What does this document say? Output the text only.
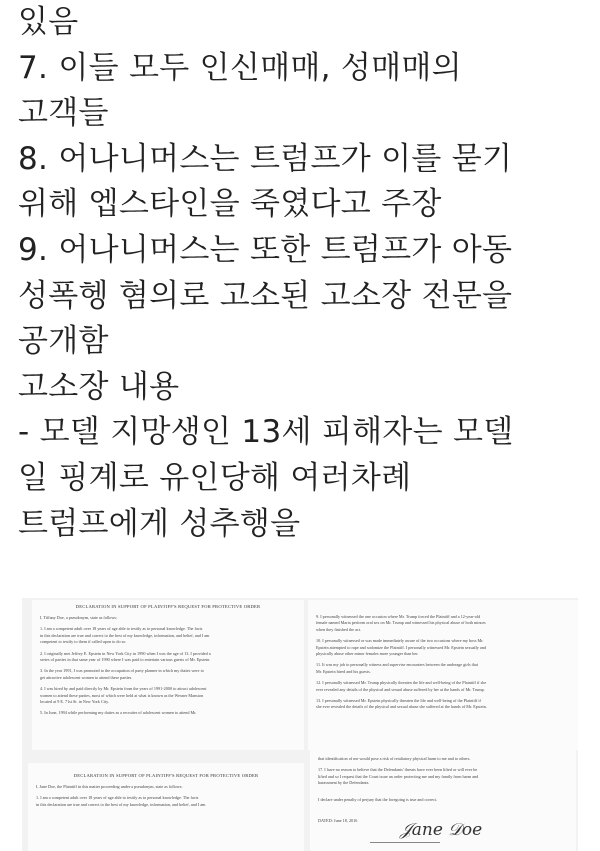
있음
7. 이들 모두 인신매매, 성매매의
고객들
8. 어나니머스는 트럼프가 이를 묻기
위해 엡스타인을 죽였다고 주장
9. 어나니머스는 또한 트럼프가 아동
성폭헹 혐의로 고소된 고소장 전문을
공개함
고소장 내용
- 모델 지망생인 13세 피해자는 모델
일 핑계로 유인당해 여러차례
트럼프에게 성추행을
DECLARATION IN SUPPORT OF PLAINTIFF'S REQUEST FOR PROTECTIVE ORDER
I, Tiffany Doe, a pseudonym, state as follows:
1. I am a competent adult over 18 years of age able to testify as to personal knowledge. The facts
in this declaration are true and correct to the best of my knowledge, information, and belief, and I am
competent to testify to them if called upon to do so.
2. I originally met Jeffrey E. Epstein in New York City in 1990 when I was the age of 13. I provided a
series of parties in that same year of 1990 where I was paid to entertain various guests of Mr. Epstein.
3. In the year 1991, I was promoted to the occupation of party planner in which my duties were to
get attractive adolescent women to attend these parties.
4. I was hired by and paid directly by Mr. Epstein from the years of 1991-2000 to attract adolescent
women to attend these parties, most of which were held at what is known as the Wexner Mansion
located at 9 E. 71st St. in New York City.
5. In June, 1994 while performing my duties as a recruiter of adolescent women to attend Mr.
9. I personally witnessed the one occasion where Mr. Trump forced the Plaintiff and a 12-year-old
female named Maria perform oral sex on Mr. Trump and witnessed his physical abuse of both minors
when they finished the act.
10. I personally witnessed or was made immediately aware of the two occasions where my boss Mr.
Epstein attempted to rape and sodomize the Plaintiff. I personally witnessed Mr. Epstein sexually and
physically abuse other minor females more younger than her.
11. It was my job to personally witness and supervise encounters between the underage girls that
Mr. Epstein hired and his guests.
12. I personally witnessed Mr. Trump physically threaten the life and well-being of the Plaintiff if she
ever revealed any details of the physical and sexual abuse suffered by her at the hands of Mr. Trump.
13. I personally witnessed Mr. Epstein physically threaten the life and well-being of the Plaintiff if
she ever revealed the details of the physical and sexual abuse she suffered at the hands of Mr. Epstein.
DECLARATION IN SUPPORT OF PLAINTIFF'S REQUEST FOR PROTECTIVE ORDER
I, Jane Doe, the Plaintiff in this matter proceeding under a pseudonym, state as follows:
1. I am a competent adult over 18 years of age able to testify as to personal knowledge. The facts
in this declaration are true and correct to the best of my knowledge, information, and belief, and I am
that identification of me would pose a risk of retaliatory physical harm to me and to others.
17. I have no reason to believe that the Defendants' threats have ever been lifted or will ever be
lifted and so I request that the Court issue an order protecting me and my family from harm and
harassment by the Defendants.
I declare under penalty of perjury that the foregoing is true and correct.
DATED: June 18, 2016	𝒥ane 𝒟oe
